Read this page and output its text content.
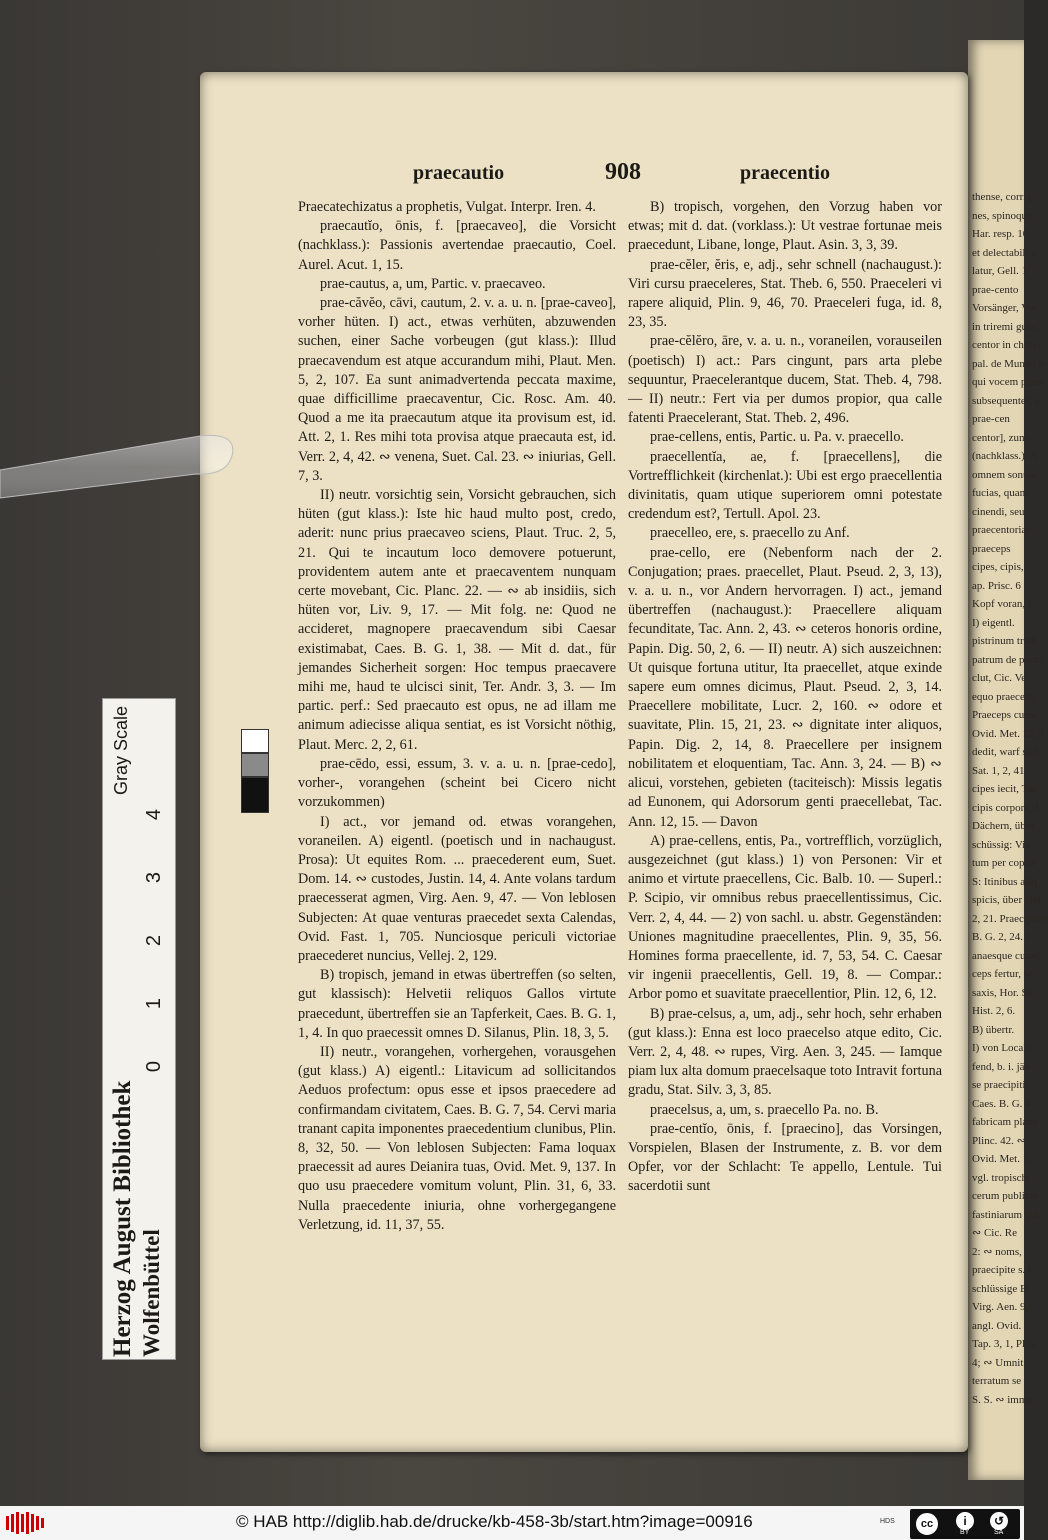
thense, corrig
nes, spinoque
Har. resp. 10,
et delectabili v
latur, Gell. 1
prae-cento
Vorsänger, Vor
in triremi gube
centor in chori
pal. de Mundo p
qui vocem praec
subsequenter, a
prae-cen
centor], zum
(nachklass.): A
omnem sonum
fucias, quam
cinendi, seu
praecentoriae
praeceps
cipes, cipis,
ap. Prisc. 6
Kopf voran, I
I) eigentl.
pistrinum tradi
patrum de porta
clut, Cic. Ve
equo praeceps
Praeceps curru
Ovid. Met. 12, 1
dedit, warf sich
Sat. 1, 2, 41.
cipes iecit, Tac
cipis corpore, 1
Dächern, über
schüssig: Via
tum per copiis
S: Itinibus aliq
spicis, über Hal
2, 21. Praecipites
B. G. 2, 24. C
anaesque curati
ceps fertur, w
saxis, Hor. Sa
Hist. 2, 6.
B) übertr.
I) von Localit
fend, b. i. jäh
se praecipiti
Caes. B. G. 4
fabricam plana
Plinc. 42. ∾
Ovid. Met. 1,
vgl. tropisch;
cerum publicar
fastiniarum quo
∾ Cic. Re
2: ∾ noms,
praecipite s. r
schlüssige B
Virg. Aen. 9,
angl. Ovid.
Tap. 3, 1, Plin.
4; ∾ Umnit
terratum se
S. S. ∾ imma
praecautio	908	praecentio

Praecatechizatus a prophetis, Vulgat. Interpr. Iren. 4.

praecautĭo, ōnis, f. [praecaveo], die Vorsicht (nachklass.): Passionis avertendae praecautio, Coel. Aurel. Acut. 1, 15.

prae-cautus, a, um, Partic. v. praecaveo.

prae-căvĕo, cāvi, cautum, 2. v. a. u. n. [prae-caveo], vorher hüten. I) act., etwas verhüten, abzuwenden suchen, einer Sache vorbeugen (gut klass.): Illud praecavendum est atque accurandum mihi, Plaut. Men. 5, 2, 107. Ea sunt animadvertenda peccata maxime, quae difficillime praecaventur, Cic. Rosc. Am. 40. Quod a me ita praecautum atque ita provisum est, id. Att. 2, 1. Res mihi tota provisa atque praecauta est, id. Verr. 2, 4, 42. ∾ venena, Suet. Cal. 23. ∾ iniurias, Gell. 7, 3.

II) neutr. vorsichtig sein, Vorsicht gebrauchen, sich hüten (gut klass.): Iste hic haud multo post, credo, aderit: nunc prius praecaveo sciens, Plaut. Truc. 2, 5, 21. Qui te incautum loco demovere potuerunt, providentem autem ante et praecaventem nunquam certe movebant, Cic. Planc. 22. — ∾ ab insidiis, sich hüten vor, Liv. 9, 17. — Mit folg. ne: Quod ne accideret, magnopere praecavendum sibi Caesar existimabat, Caes. B. G. 1, 38. — Mit d. dat., für jemandes Sicherheit sorgen: Hoc tempus praecavere mihi me, haud te ulcisci sinit, Ter. Andr. 3, 3. — Im partic. perf.: Sed praecauto est opus, ne ad illam me animum adiecisse aliqua sentiat, es ist Vorsicht nöthig, Plaut. Merc. 2, 2, 61.

prae-cēdo, essi, essum, 3. v. a. u. n. [prae-cedo], vorher-, vorangehen (scheint bei Cicero nicht vorzukommen)

I) act., vor jemand od. etwas vorangehen, voraneilen. A) eigentl. (poetisch und in nachaugust. Prosa): Ut equites Rom. ... praecederent eum, Suet. Dom. 14. ∾ custodes, Justin. 14, 4. Ante volans tardum praecesserat agmen, Virg. Aen. 9, 47. — Von leblosen Subjecten: At quae venturas praecedet sexta Calendas, Ovid. Fast. 1, 705. Nunciosque periculi victoriae praecederet nuncius, Vellej. 2, 129.

B) tropisch, jemand in etwas übertreffen (so selten, gut klassisch): Helvetii reliquos Gallos virtute praecedunt, übertreffen sie an Tapferkeit, Caes. B. G. 1, 1, 4. In quo praecessit omnes D. Silanus, Plin. 18, 3, 5.

II) neutr., vorangehen, vorhergehen, vorausgehen (gut klass.) A) eigentl.: Litavicum ad sollicitandos Aeduos profectum: opus esse et ipsos praecedere ad confirmandam civitatem, Caes. B. G. 7, 54. Cervi maria tranant capita imponentes praecedentium clunibus, Plin. 8, 32, 50. — Von leblosen Subjecten: Fama loquax praecessit ad aures Deianira tuas, Ovid. Met. 9, 137. In quo usu praecedere vomitum volunt, Plin. 31, 6, 33. Nulla praecedente iniuria, ohne vorhergegangene Verletzung, id. 11, 37, 55.

B) tropisch, vorgehen, den Vorzug haben vor etwas; mit d. dat. (vorklass.): Ut vestrae fortunae meis praecedunt, Libane, longe, Plaut. Asin. 3, 3, 39.

prae-cĕler, ĕris, e, adj., sehr schnell (nachaugust.): Viri cursu praeceleres, Stat. Theb. 6, 550. Praeceleri vi rapere aliquid, Plin. 9, 46, 70. Praeceleri fuga, id. 8, 23, 35.

prae-cĕlĕro, āre, v. a. u. n., voraneilen, vorauseilen (poetisch) I) act.: Pars cingunt, pars arta plebe sequuntur, Praecelerantque ducem, Stat. Theb. 4, 798. — II) neutr.: Fert via per dumos propior, qua calle fatenti Praecelerant, Stat. Theb. 2, 496.

prae-cellens, entis, Partic. u. Pa. v. praecello.

praecellentĭa, ae, f. [praecellens], die Vortrefflichkeit (kirchenlat.): Ubi est ergo praecellentia divinitatis, quam utique superiorem omni potestate credendum est?, Tertull. Apol. 23.

praecelleo, ere, s. praecello zu Anf.

prae-cello, ere (Nebenform nach der 2. Conjugation; praes. praecellet, Plaut. Pseud. 2, 3, 13), v. a. u. n., vor Andern hervorragen. I) act., jemand übertreffen (nachaugust.): Praecellere aliquam fecunditate, Tac. Ann. 2, 43. ∾ ceteros honoris ordine, Papin. Dig. 50, 2, 6. — II) neutr. A) sich auszeichnen: Ut quisque fortuna utitur, Ita praecellet, atque exinde sapere eum omnes dicimus, Plaut. Pseud. 2, 3, 14. Praecellere mobilitate, Lucr. 2, 160. ∾ odore et suavitate, Plin. 15, 21, 23. ∾ dignitate inter aliquos, Papin. Dig. 2, 14, 8. Praecellere per insignem nobilitatem et eloquentiam, Tac. Ann. 3, 24. — B) ∾ alicui, vorstehen, gebieten (taciteisch): Missis legatis ad Eunonem, qui Adorsorum genti praecellebat, Tac. Ann. 12, 15. — Davon

A) prae-cellens, entis, Pa., vortrefflich, vorzüglich, ausgezeichnet (gut klass.) 1) von Personen: Vir et animo et virtute praecellens, Cic. Balb. 10. — Superl.: P. Scipio, vir omnibus rebus praecellentissimus, Cic. Verr. 2, 4, 44. — 2) von sachl. u. abstr. Gegenständen: Uniones magnitudine praecellentes, Plin. 9, 35, 56. Homines forma praecellente, id. 7, 53, 54. C. Caesar vir ingenii praecellentis, Gell. 19, 8. — Compar.: Arbor pomo et suavitate praecellentior, Plin. 12, 6, 12.

B) prae-celsus, a, um, adj., sehr hoch, sehr erhaben (gut klass.): Enna est loco praecelso atque edito, Cic. Verr. 2, 4, 48. ∾ rupes, Virg. Aen. 3, 245. — Iamque piam lux alta domum praecelsaque toto Intravit fortuna gradu, Stat. Silv. 3, 3, 85.

praecelsus, a, um, s. praecello Pa. no. B.

prae-centĭo, ōnis, f. [praecino], das Vorsingen, Vorspielen, Blasen der Instrumente, z. B. vor dem Opfer, vor der Schlacht: Te appello, Lentule. Tui sacerdotii sunt

Herzog August Bibliothek Wolfenbüttel
0
1
2
3
4
Gray Scale
© HAB http://diglib.hab.de/drucke/kb-458-3b/start.htm?image=00916	HDS	cc	i	↺
BY	SA
